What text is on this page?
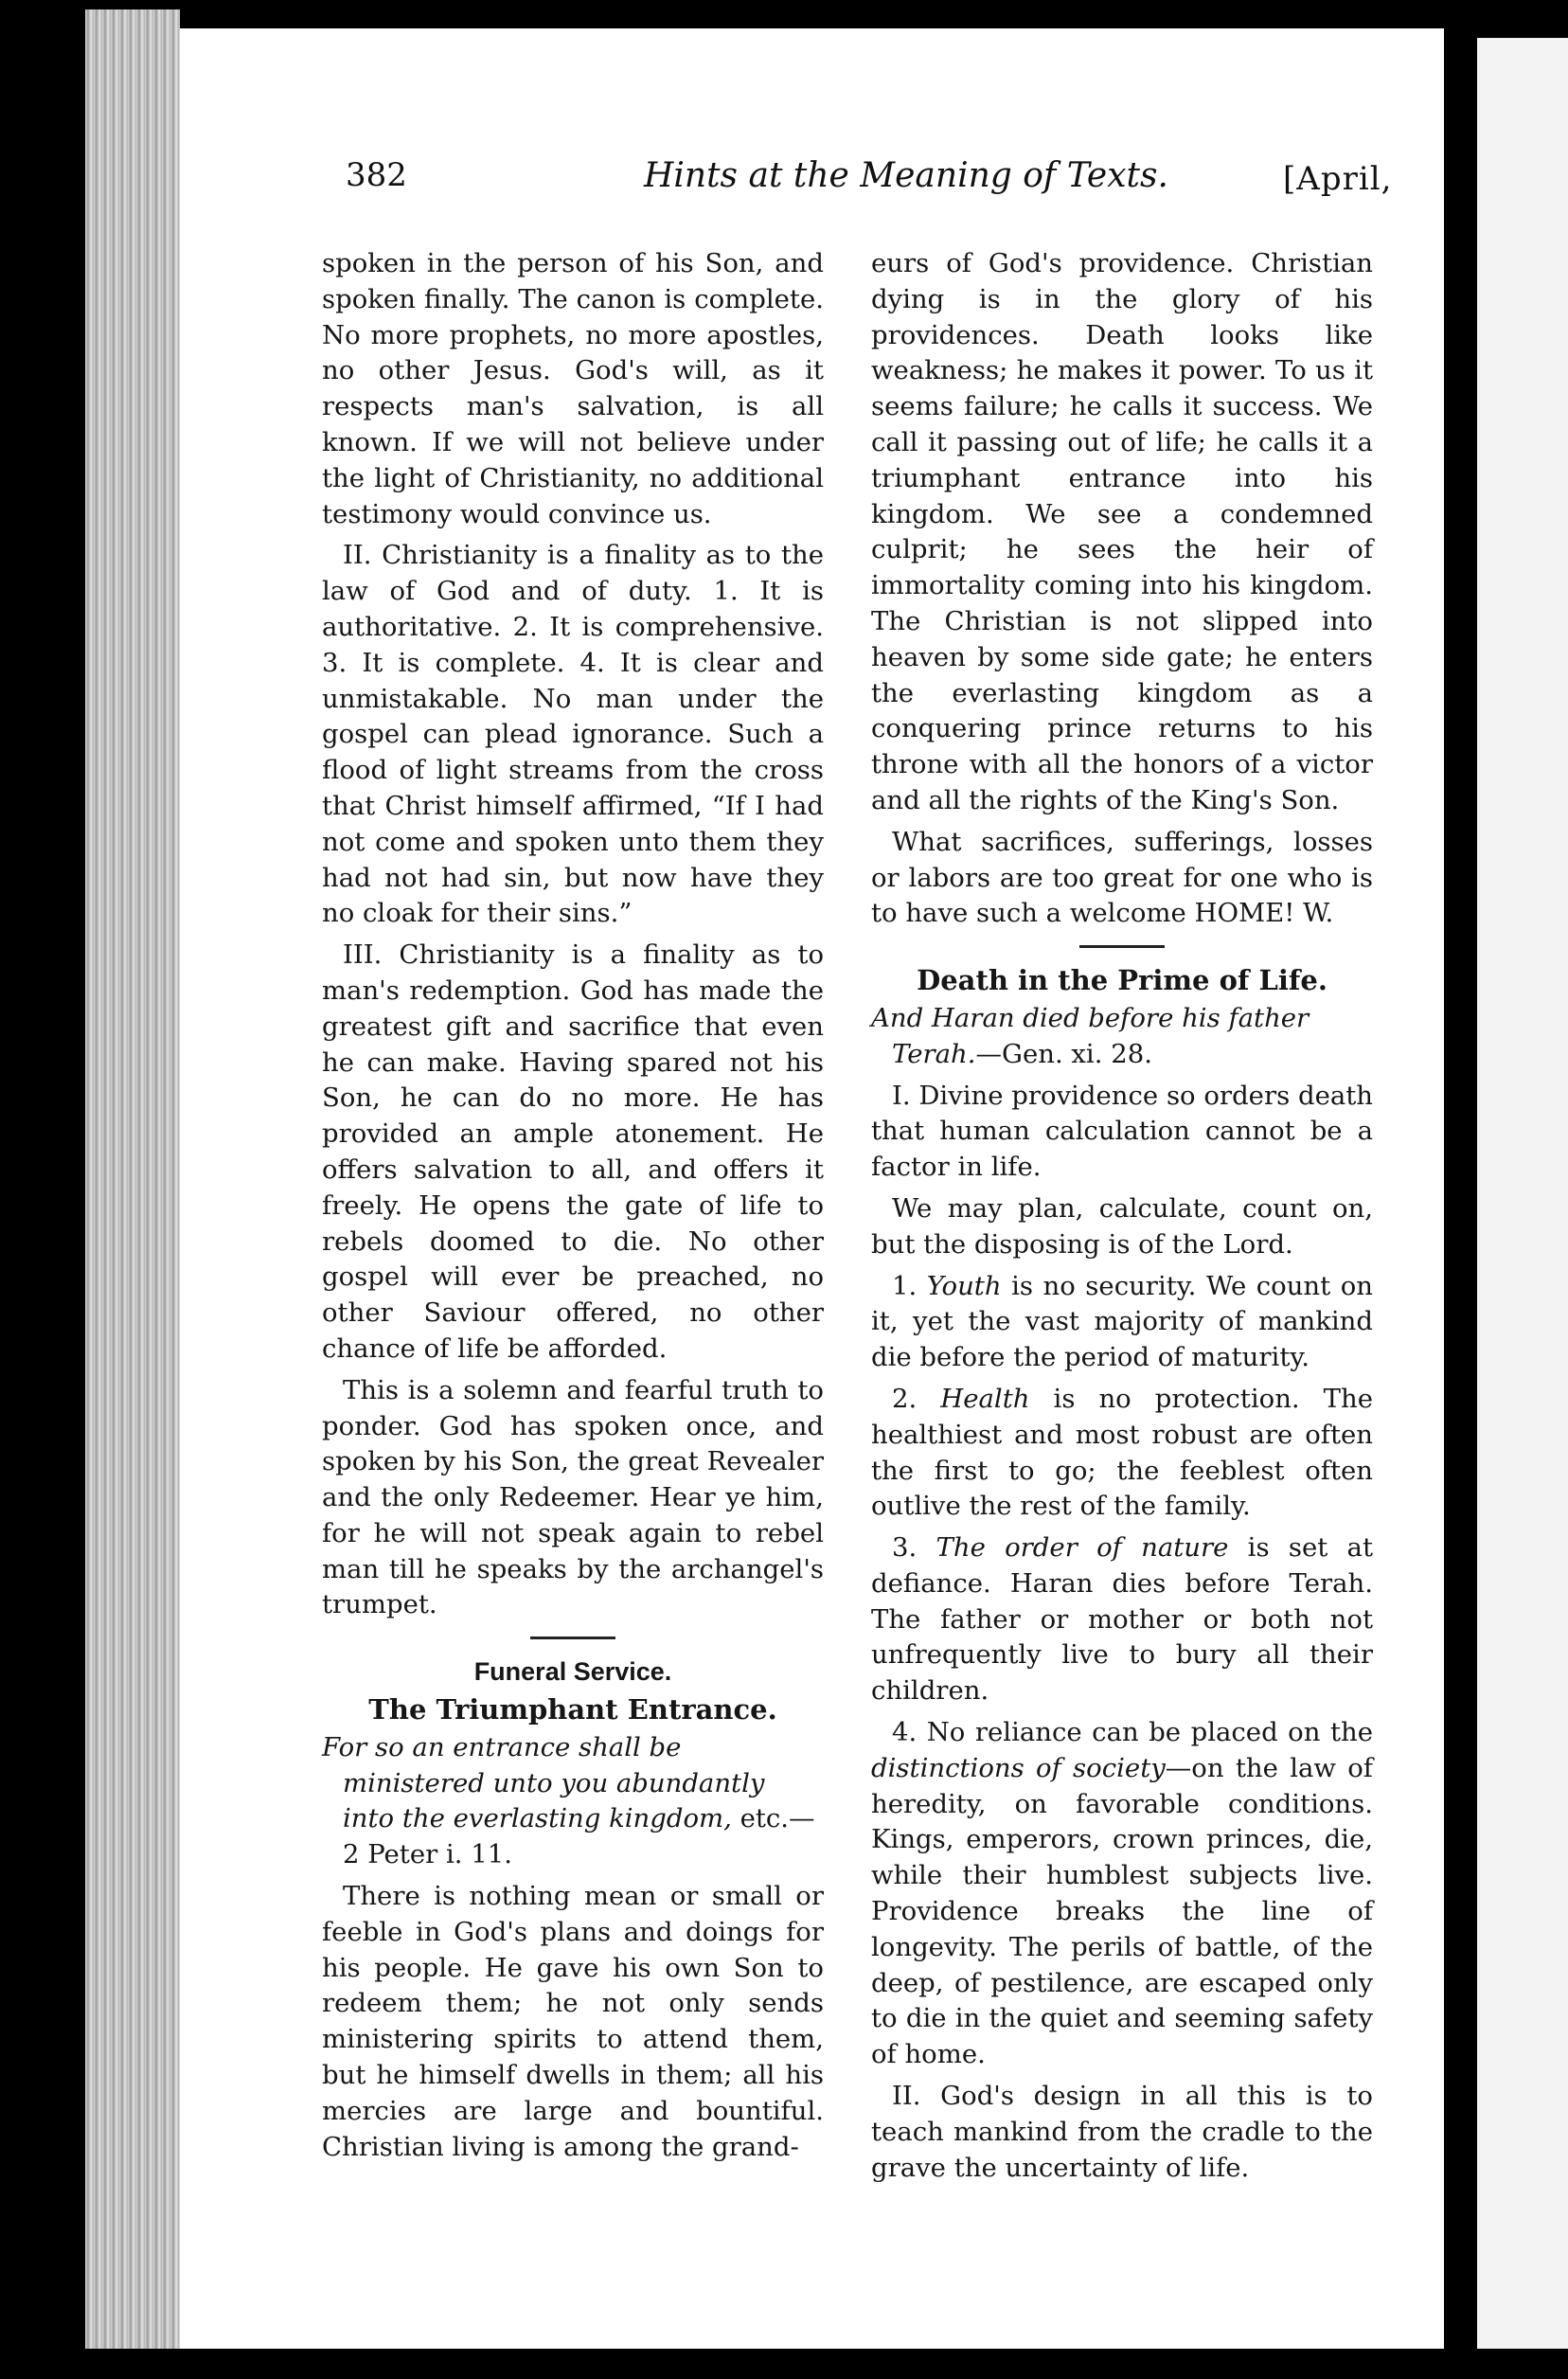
382	Hints at the Meaning of Texts.	[April,

spoken in the person of his Son, and spoken finally. The canon is complete. No more prophets, no more apostles, no other Jesus. God's will, as it respects man's salvation, is all known. If we will not believe under the light of Christianity, no additional testimony would convince us.

II. Christianity is a finality as to the law of God and of duty. 1. It is authoritative. 2. It is comprehensive. 3. It is complete. 4. It is clear and unmistakable. No man under the gospel can plead ignorance. Such a flood of light streams from the cross that Christ himself affirmed, “If I had not come and spoken unto them they had not had sin, but now have they no cloak for their sins.”

III. Christianity is a finality as to man's redemption. God has made the greatest gift and sacrifice that even he can make. Having spared not his Son, he can do no more. He has provided an ample atonement. He offers salvation to all, and offers it freely. He opens the gate of life to rebels doomed to die. No other gospel will ever be preached, no other Saviour offered, no other chance of life be afforded.

This is a solemn and fearful truth to ponder. God has spoken once, and spoken by his Son, the great Revealer and the only Redeemer. Hear ye him, for he will not speak again to rebel man till he speaks by the archangel's trumpet.

Funeral Service.
The Triumphant Entrance.

For so an entrance shall be ministered unto you abundantly into the everlasting kingdom, etc.—2 Peter i. 11.

There is nothing mean or small or feeble in God's plans and doings for his people. He gave his own Son to redeem them; he not only sends ministering spirits to attend them, but he himself dwells in them; all his mercies are large and bountiful. Christian living is among the grand-

eurs of God's providence. Christian dying is in the glory of his providences. Death looks like weakness; he makes it power. To us it seems failure; he calls it success. We call it passing out of life; he calls it a triumphant entrance into his kingdom. We see a condemned culprit; he sees the heir of immortality coming into his kingdom. The Christian is not slipped into heaven by some side gate; he enters the everlasting kingdom as a conquering prince returns to his throne with all the honors of a victor and all the rights of the King's Son.

What sacrifices, sufferings, losses or labors are too great for one who is to have such a welcome HOME! W.

Death in the Prime of Life.

And Haran died before his father Terah.—Gen. xi. 28.

I. Divine providence so orders death that human calculation cannot be a factor in life.

We may plan, calculate, count on, but the disposing is of the Lord.

1. Youth is no security. We count on it, yet the vast majority of mankind die before the period of maturity.

2. Health is no protection. The healthiest and most robust are often the first to go; the feeblest often outlive the rest of the family.

3. The order of nature is set at defiance. Haran dies before Terah. The father or mother or both not unfrequently live to bury all their children.

4. No reliance can be placed on the distinctions of society—on the law of heredity, on favorable conditions. Kings, emperors, crown princes, die, while their humblest subjects live. Providence breaks the line of longevity. The perils of battle, of the deep, of pestilence, are escaped only to die in the quiet and seeming safety of home.

II. God's design in all this is to teach mankind from the cradle to the grave the uncertainty of life.
